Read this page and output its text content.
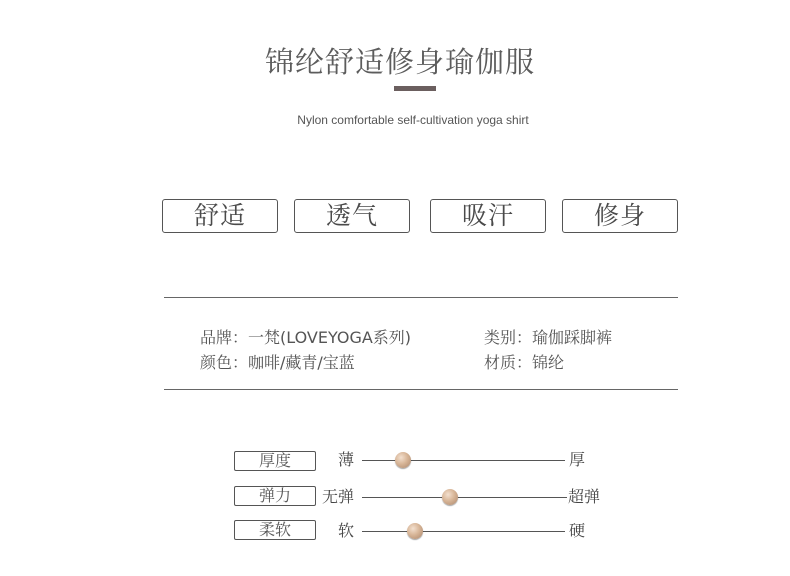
锦纶舒适修身瑜伽服
Nylon comfortable self-cultivation yoga shirt
舒适	透气	吸汗	修身
品牌：一梵(LOVEYOGA系列)	类别：瑜伽踩脚裤
颜色：咖啡/藏青/宝蓝	材质：锦纶
厚度	薄	厚
弹力	无弹	超弹
柔软	软	硬
